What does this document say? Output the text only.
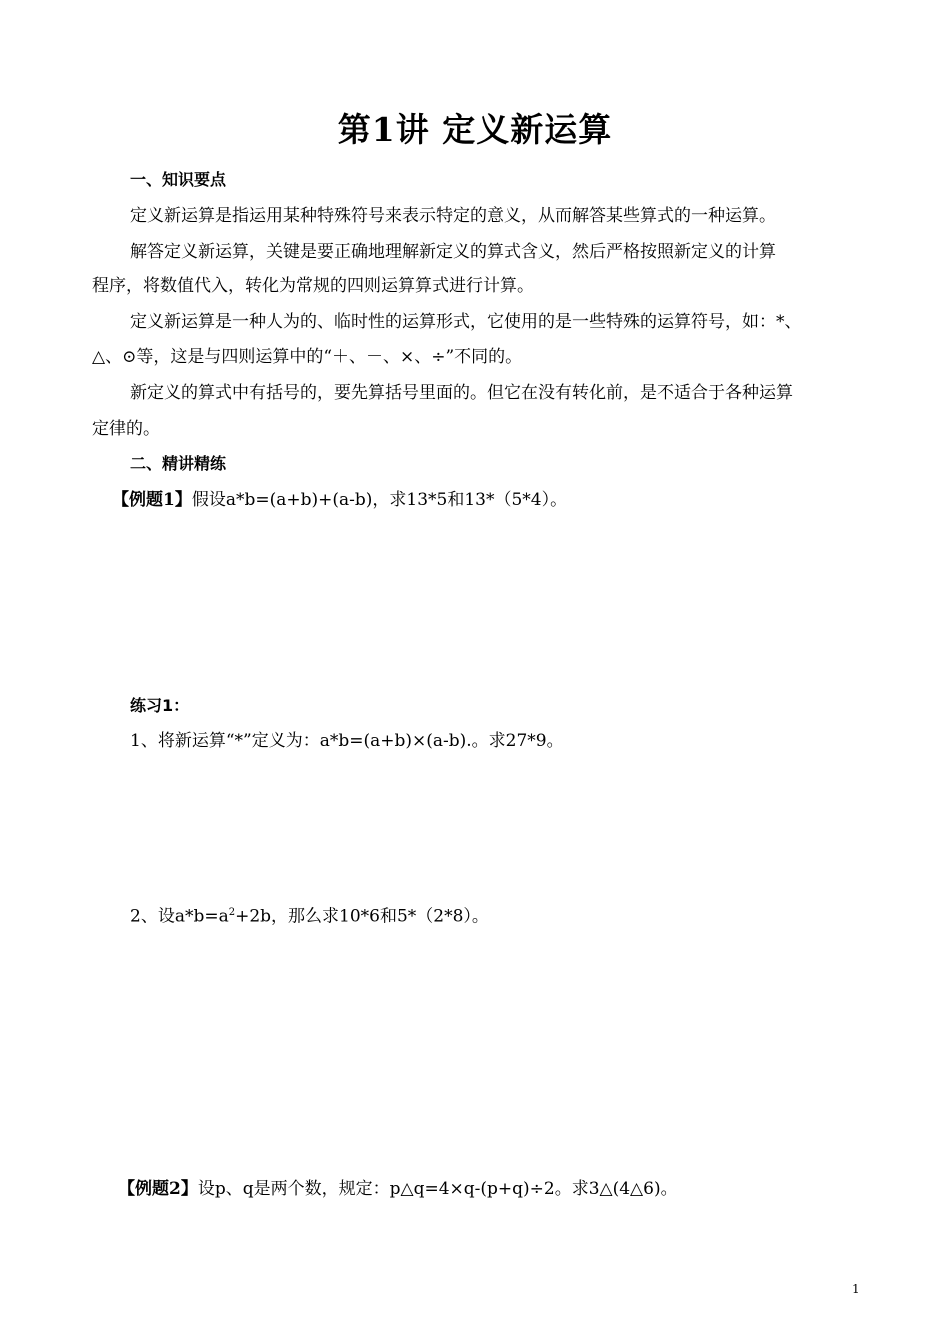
第1讲 定义新运算
一、知识要点
定义新运算是指运用某种特殊符号来表示特定的意义，从而解答某些算式的一种运算。
解答定义新运算，关键是要正确地理解新定义的算式含义，然后严格按照新定义的计算
程序，将数值代入，转化为常规的四则运算算式进行计算。
定义新运算是一种人为的、临时性的运算形式，它使用的是一些特殊的运算符号，如：*、
△、⊙等，这是与四则运算中的“＋、－、×、÷”不同的。
新定义的算式中有括号的，要先算括号里面的。但它在没有转化前，是不适合于各种运算
定律的。
二、精讲精练
【例题1】假设a*b=(a+b)+(a-b)，求13*5和13*（5*4）。
练习1：
1、将新运算“*”定义为：a*b=(a+b)×(a-b).。求27*9。
2、设$a*b=a^2+2b$，那么求10*6和5*（2*8）。
【例题2】设p、q是两个数，规定：p△q=4×q-(p+q)÷2。求3△(4△6)。
1
